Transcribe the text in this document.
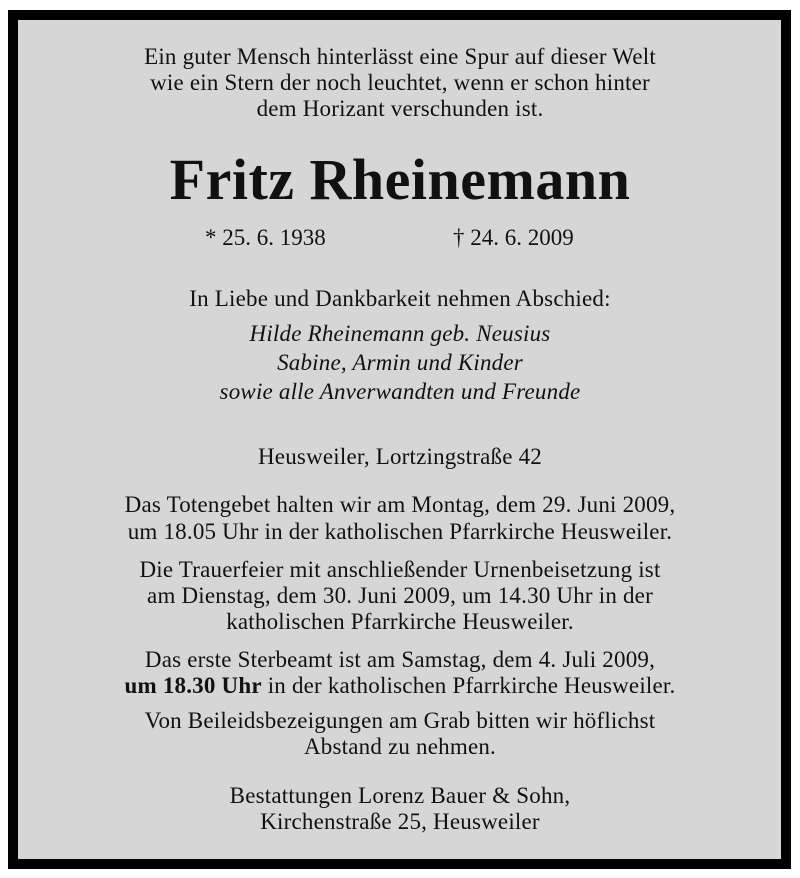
Ein guter Mensch hinterlässt eine Spur auf dieser Welt
wie ein Stern der noch leuchtet, wenn er schon hinter
dem Horizant verschunden ist.
Fritz Rheinemann
* 25. 6. 1938	† 24. 6. 2009
In Liebe und Dankbarkeit nehmen Abschied:
Hilde Rheinemann geb. Neusius
Sabine, Armin und Kinder
sowie alle Anverwandten und Freunde
Heusweiler, Lortzingstraße 42
Das Totengebet halten wir am Montag, dem 29. Juni 2009,
um 18.05 Uhr in der katholischen Pfarrkirche Heusweiler.
Die Trauerfeier mit anschließender Urnenbeisetzung ist
am Dienstag, dem 30. Juni 2009, um 14.30 Uhr in der
katholischen Pfarrkirche Heusweiler.
Das erste Sterbeamt ist am Samstag, dem 4. Juli 2009,
um 18.30 Uhr in der katholischen Pfarrkirche Heusweiler.
Von Beileidsbezeigungen am Grab bitten wir höflichst
Abstand zu nehmen.
Bestattungen Lorenz Bauer & Sohn,
Kirchenstraße 25, Heusweiler
